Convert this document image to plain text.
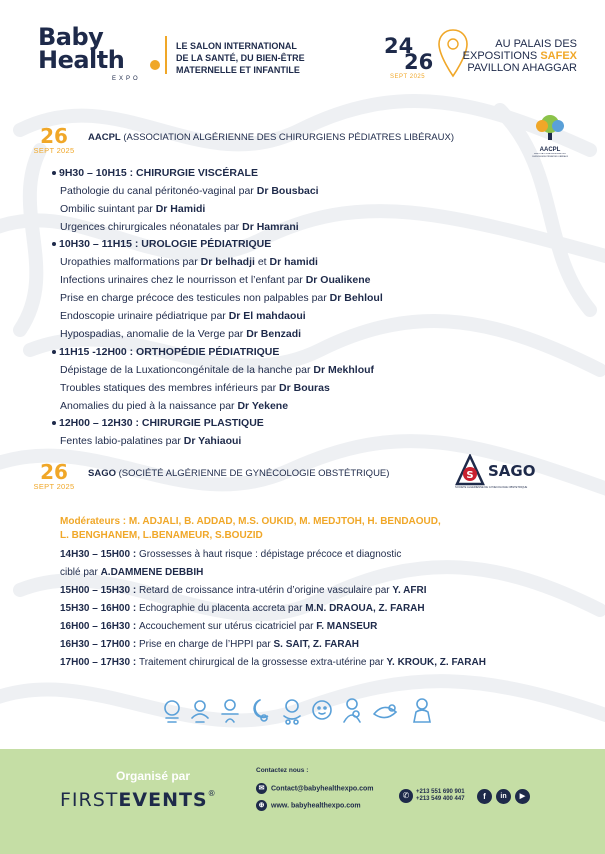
Baby
Health
EXPO
LE SALON INTERNATIONAL
DE LA SANTÉ, DU BIEN-ÊTRE
MATERNELLE ET INFANTILE
24
26
SEPT 2025
AU PALAIS DES
EXPOSITIONS SAFEX
PAVILLON AHAGGAR
26
SEPT 2025
AACPL (ASSOCIATION ALGÉRIENNE DES CHIRURGIENS PÉDIATRES LIBÉRAUX)
AACPL
ASSOCIATION ALGÉRIENNE DES CHIRURGIENS PÉDIATRES LIBÉRAUX
9H30 – 10H15 : CHIRURGIE VISCÉRALE
Pathologie du canal péritonéo-vaginal par Dr Bousbaci
Ombilic suintant par Dr Hamidi
Urgences chirurgicales néonatales par Dr Hamrani
10H30 – 11H15 : UROLOGIE PÉDIATRIQUE
Uropathies malformations par Dr belhadji et Dr hamidi
Infections urinaires chez le nourrisson et l’enfant par Dr Oualikene
Prise en charge précoce des testicules non palpables par Dr Behloul
Endoscopie urinaire pédiatrique par Dr El mahdaoui
Hypospadias, anomalie de la Verge par Dr Benzadi
11H15 -12H00 : ORTHOPÉDIE PÉDIATRIQUE
Dépistage de la Luxationcongénitale de la hanche par Dr Mekhlouf
Troubles statiques des membres inférieurs par Dr Bouras
Anomalies du pied à la naissance par Dr Yekene
12H00 – 12H30 : CHIRURGIE PLASTIQUE
Fentes labio-palatines par Dr Yahiaoui
26
SEPT 2025
SAGO (SOCIÉTÉ ALGÉRIENNE DE GYNÉCOLOGIE OBSTÉTRIQUE)	S SAGO
SOCIÉTÉ ALGÉRIENNE DE GYNÉCOLOGIE OBSTÉTRIQUE
Modérateurs : M. ADJALI, B. ADDAD, M.S. OUKID, M. MEDJTOH, H. BENDAOUD,
L. BENGHANEM, L.BENAMEUR, S.BOUZID
14H30 – 15H00 : Grossesses à haut risque : dépistage précoce et diagnostic
ciblé par A.DAMMENE DEBBIH
15H00 – 15H30 : Retard de croissance intra-utérin d’origine vasculaire par Y. AFRI
15H30 – 16H00 : Echographie du placenta accreta par M.N. DRAOUA, Z. FARAH
16H00 – 16H30 : Accouchement sur utérus cicatriciel par F. MANSEUR
16H30 – 17H00 : Prise en charge de l’HPPI par S. SAIT, Z. FARAH
17H00 – 17H30 : Traitement chirurgical de la grossesse extra-utérine par Y. KROUK, Z. FARAH
Organisé par
FIRSTEVENTS®
Contactez nous :
✉ Contact@babyhealthexpo.com
⊕ www. babyhealthexpo.com
✆	+213 551 690 901
+213 549 400 447	f	in	▶
